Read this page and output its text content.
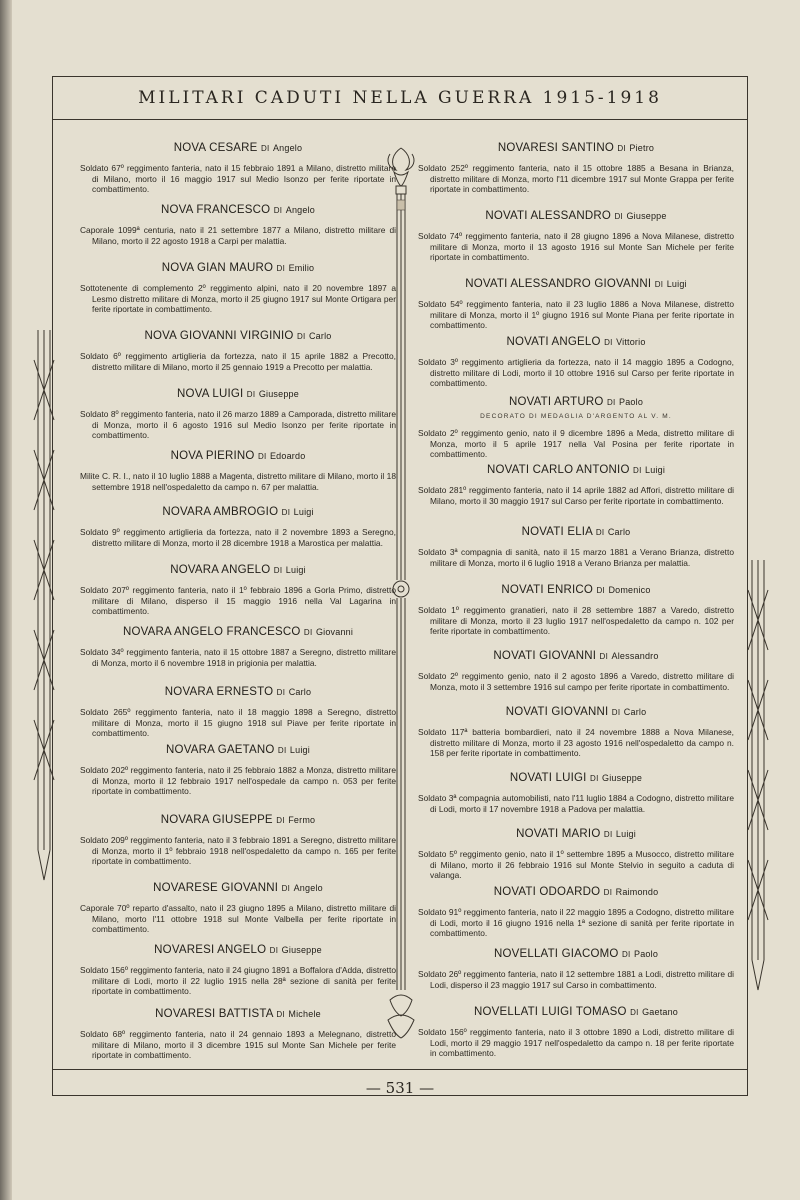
MILITARI CADUTI NELLA GUERRA 1915-1918
NOVA CESARE DI Angelo

Soldato 67º reggimento fanteria, nato il 15 febbraio 1891 a Milano, distretto militare di Milano, morto il 16 maggio 1917 sul Medio Isonzo per ferite riportate in combattimento.

NOVA FRANCESCO DI Angelo

Caporale 1099ª centuria, nato il 21 settembre 1877 a Milano, distretto militare di Milano, morto il 22 agosto 1918 a Carpi per malattia.

NOVA GIAN MAURO DI Emilio

Sottotenente di complemento 2º reggimento alpini, nato il 20 novembre 1897 a Lesmo distretto militare di Monza, morto il 25 giugno 1917 sul Monte Ortigara per ferite riportate in combattimento.

NOVA GIOVANNI VIRGINIO DI Carlo

Soldato 6º reggimento artiglieria da fortezza, nato il 15 aprile 1882 a Precotto, distretto militare di Milano, morto il 25 gennaio 1919 a Precotto per malattia.

NOVA LUIGI DI Giuseppe

Soldato 8º reggimento fanteria, nato il 26 marzo 1889 a Camporada, distretto militare di Monza, morto il 6 agosto 1916 sul Medio Isonzo per ferite riportate in combattimento.

NOVA PIERINO DI Edoardo

Milite C. R. I., nato il 10 luglio 1888 a Magenta, distretto militare di Milano, morto il 18 settembre 1918 nell'ospedaletto da campo n. 67 per malattia.

NOVARA AMBROGIO DI Luigi

Soldato 9º reggimento artiglieria da fortezza, nato il 2 novembre 1893 a Seregno, distretto militare di Monza, morto il 28 dicembre 1918 a Marostica per malattia.

NOVARA ANGELO DI Luigi

Soldato 207º reggimento fanteria, nato il 1º febbraio 1896 a Gorla Primo, distretto militare di Milano, disperso il 15 maggio 1916 nella Val Lagarina in combattimento.

NOVARA ANGELO FRANCESCO DI Giovanni

Soldato 34º reggimento fanteria, nato il 15 ottobre 1887 a Seregno, distretto militare di Monza, morto il 6 novembre 1918 in prigionia per malattia.

NOVARA ERNESTO DI Carlo

Soldato 265º reggimento fanteria, nato il 18 maggio 1898 a Seregno, distretto militare di Monza, morto il 15 giugno 1918 sul Piave per ferite riportate in combattimento.

NOVARA GAETANO DI Luigi

Soldato 202º reggimento fanteria, nato il 25 febbraio 1882 a Monza, distretto militare di Monza, morto il 12 febbraio 1917 nell'ospedale da campo n. 053 per ferite riportate in combattimento.

NOVARA GIUSEPPE DI Fermo

Soldato 209º reggimento fanteria, nato il 3 febbraio 1891 a Seregno, distretto militare di Monza, morto il 1º febbraio 1918 nell'ospedaletto da campo n. 165 per ferite riportate in combattimento.

NOVARESE GIOVANNI DI Angelo

Caporale 70º reparto d'assalto, nato il 23 giugno 1895 a Milano, distretto militare di Milano, morto l'11 ottobre 1918 sul Monte Valbella per ferite riportate in combattimento.

NOVARESI ANGELO DI Giuseppe

Soldato 156º reggimento fanteria, nato il 24 giugno 1891 a Boffalora d'Adda, distretto militare di Lodi, morto il 22 luglio 1915 nella 28ª sezione di sanità per ferite riportate in combattimento.

NOVARESI BATTISTA DI Michele

Soldato 68º reggimento fanteria, nato il 24 gennaio 1893 a Melegnano, distretto militare di Milano, morto il 3 dicembre 1915 sul Monte San Michele per ferite riportate in combattimento.

NOVARESI SANTINO DI Pietro

Soldato 252º reggimento fanteria, nato il 15 ottobre 1885 a Besana in Brianza, distretto militare di Monza, morto l'11 dicembre 1917 sul Monte Grappa per ferite riportate in combattimento.

NOVATI ALESSANDRO DI Giuseppe

Soldato 74º reggimento fanteria, nato il 28 giugno 1896 a Nova Milanese, distretto militare di Monza, morto il 13 agosto 1916 sul Monte San Michele per ferite riportate in combattimento.

NOVATI ALESSANDRO GIOVANNI DI Luigi

Soldato 54º reggimento fanteria, nato il 23 luglio 1886 a Nova Milanese, distretto militare di Monza, morto il 1º giugno 1916 sul Monte Piana per ferite riportate in combattimento.

NOVATI ANGELO DI Vittorio

Soldato 3º reggimento artiglieria da fortezza, nato il 14 maggio 1895 a Codogno, distretto militare di Lodi, morto il 10 ottobre 1916 sul Carso per ferite riportate in combattimento.

NOVATI ARTURO DI Paolo
DECORATO DI MEDAGLIA D'ARGENTO AL V. M.

Soldato 2º reggimento genio, nato il 9 dicembre 1896 a Meda, distretto militare di Monza, morto il 5 aprile 1917 nella Val Posina per ferite riportate in combattimento.

NOVATI CARLO ANTONIO DI Luigi

Soldato 281º reggimento fanteria, nato il 14 aprile 1882 ad Affori, distretto militare di Milano, morto il 30 maggio 1917 sul Carso per ferite riportate in combattimento.

NOVATI ELIA DI Carlo

Soldato 3ª compagnia di sanità, nato il 15 marzo 1881 a Verano Brianza, distretto militare di Monza, morto il 6 luglio 1918 a Verano Brianza per malattia.

NOVATI ENRICO DI Domenico

Soldato 1º reggimento granatieri, nato il 28 settembre 1887 a Varedo, distretto militare di Monza, morto il 23 luglio 1917 nell'ospedaletto da campo n. 102 per ferite riportate in combattimento.

NOVATI GIOVANNI DI Alessandro

Soldato 2º reggimento genio, nato il 2 agosto 1896 a Varedo, distretto militare di Monza, moto il 3 settembre 1916 sul campo per ferite riportate in combattimento.

NOVATI GIOVANNI DI Carlo

Soldato 117ª batteria bombardieri, nato il 24 novembre 1888 a Nova Milanese, distretto militare di Monza, morto il 23 agosto 1916 nell'ospedaletto da campo n. 158 per ferite riportate in combattimento.

NOVATI LUIGI DI Giuseppe

Soldato 3ª compagnia automobilisti, nato l'11 luglio 1884 a Codogno, distretto militare di Lodi, morto il 17 novembre 1918 a Padova per malattia.

NOVATI MARIO DI Luigi

Soldato 5º reggimento genio, nato il 1º settembre 1895 a Musocco, distretto militare di Milano, morto il 26 febbraio 1916 sul Monte Stelvio in seguito a caduta di valanga.

NOVATI ODOARDO DI Raimondo

Soldato 91º reggimento fanteria, nato il 22 maggio 1895 a Codogno, distretto militare di Lodi, morto il 16 giugno 1916 nella 1ª sezione di sanità per ferite riportate in combattimento.

NOVELLATI GIACOMO DI Paolo

Soldato 26º reggimento fanteria, nato il 12 settembre 1881 a Lodi, distretto militare di Lodi, disperso il 23 maggio 1917 sul Carso in combattimento.

NOVELLATI LUIGI TOMASO DI Gaetano

Soldato 156º reggimento fanteria, nato il 3 ottobre 1890 a Lodi, distretto militare di Lodi, morto il 29 maggio 1917 nell'ospedaletto da campo n. 18 per ferite riportate in combattimento.

— 531 —
